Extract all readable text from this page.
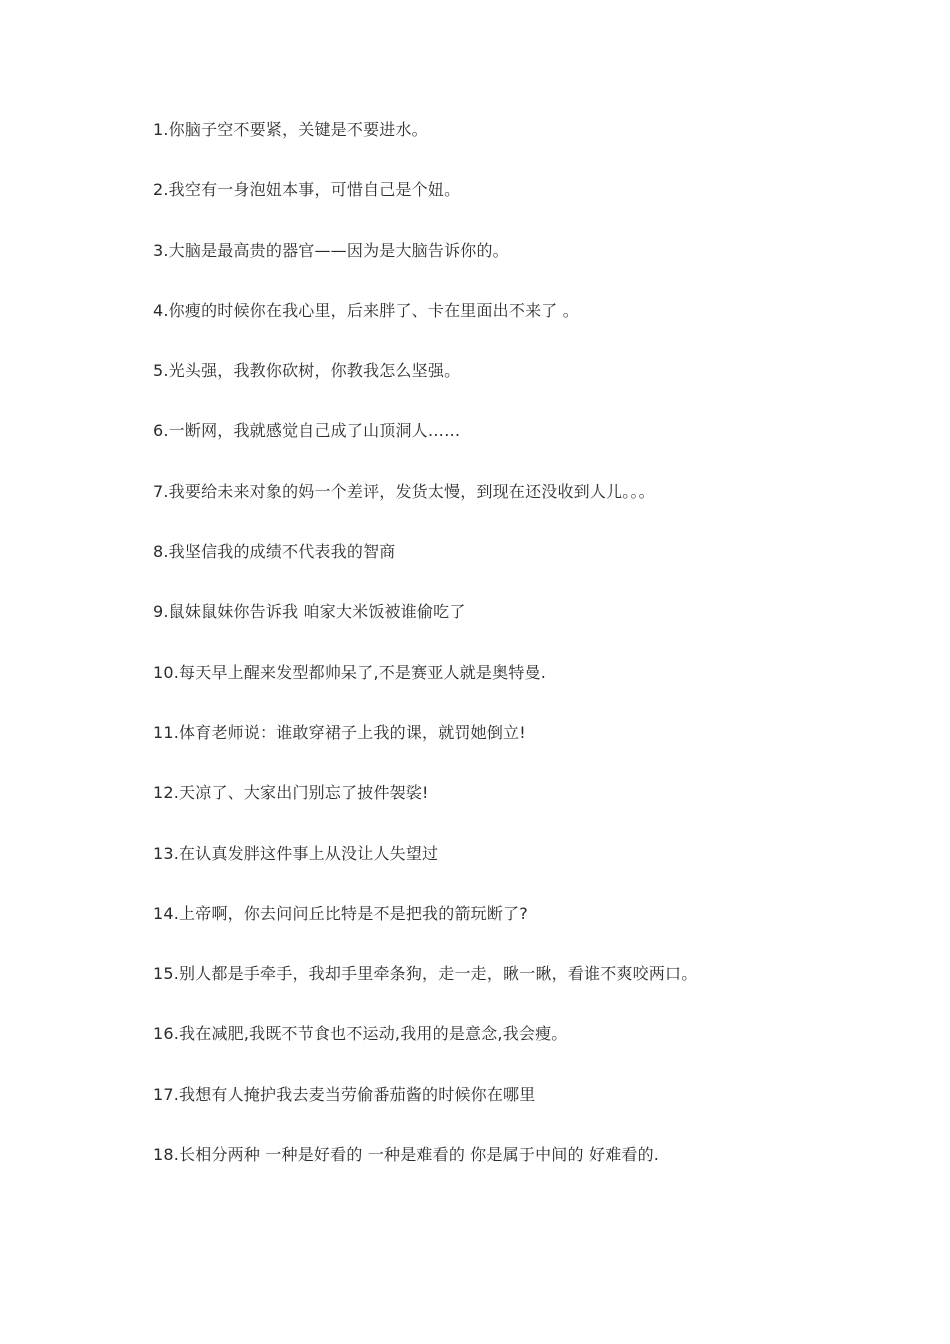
1.你脑子空不要紧，关键是不要进水。
2.我空有一身泡妞本事，可惜自己是个妞。
3.大脑是最高贵的器官——因为是大脑告诉你的。
4.你瘦的时候你在我心里，后来胖了、卡在里面出不来了 。
5.光头强，我教你砍树，你教我怎么坚强。
6.一断网，我就感觉自己成了山顶洞人……
7.我要给未来对象的妈一个差评，发货太慢，到现在还没收到人儿。。。
8.我坚信我的成绩不代表我的智商
9.鼠妹鼠妹你告诉我 咱家大米饭被谁偷吃了
10.每天早上醒来发型都帅呆了,不是赛亚人就是奥特曼.
11.体育老师说：谁敢穿裙子上我的课，就罚她倒立!
12.天凉了、大家出门别忘了披件袈裟!
13.在认真发胖这件事上从没让人失望过
14.上帝啊，你去问问丘比特是不是把我的箭玩断了?
15.别人都是手牵手，我却手里牵条狗，走一走，瞅一瞅，看谁不爽咬两口。
16.我在减肥,我既不节食也不运动,我用的是意念,我会瘦。
17.我想有人掩护我去麦当劳偷番茄酱的时候你在哪里
18.长相分两种 一种是好看的 一种是难看的 你是属于中间的 好难看的.
